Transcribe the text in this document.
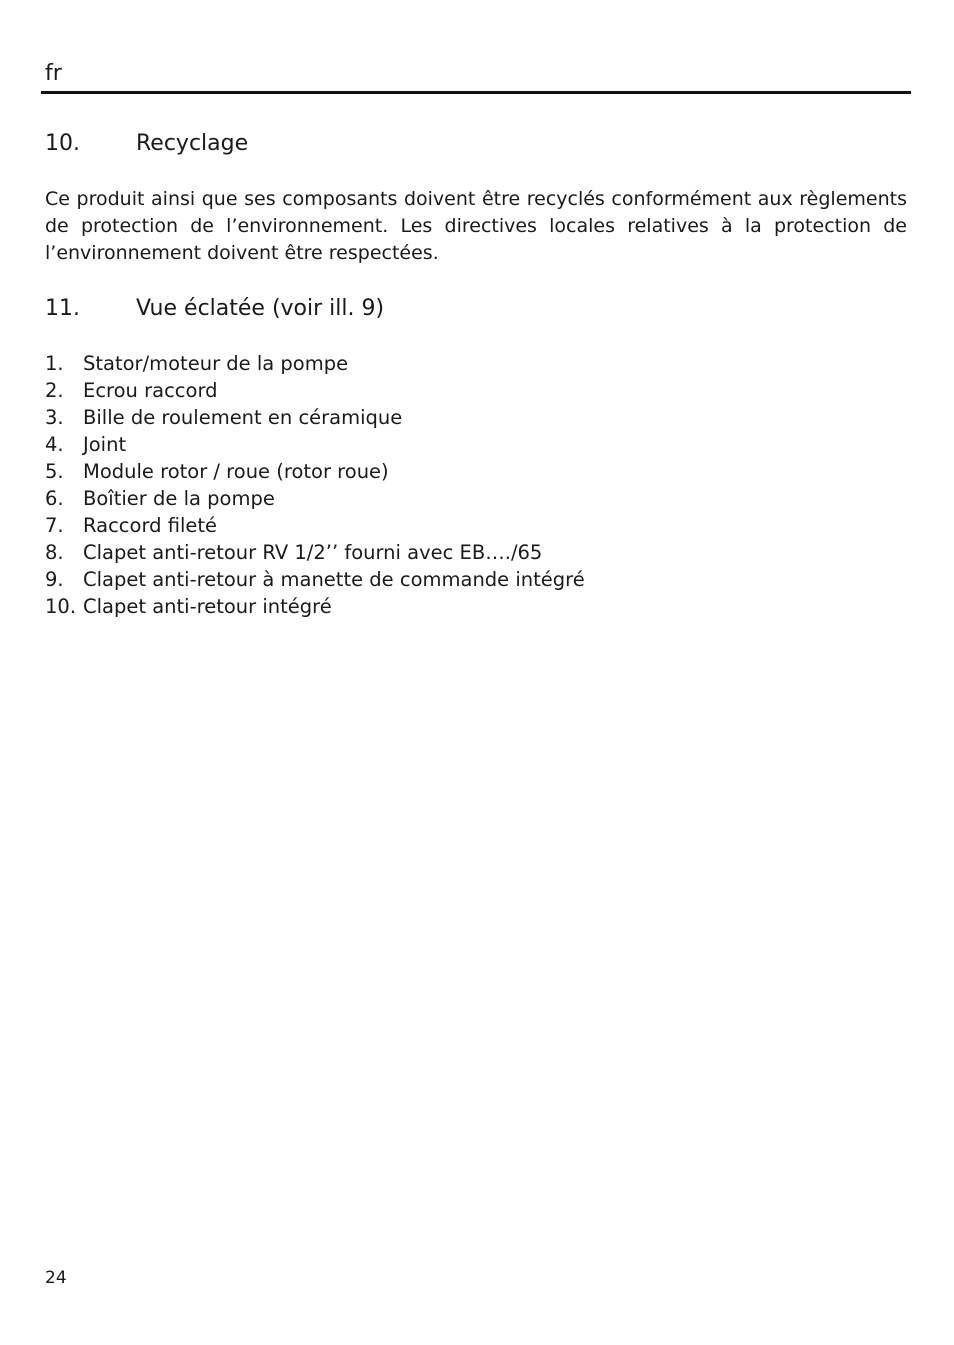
fr
10.	Recyclage

Ce produit ainsi que ses composants doivent être recyclés conformément aux règlements de protection de l’environnement. Les directives locales relatives à la protection de l’environnement doivent être respectées.

11.	Vue éclatée (voir ill. 9)
1. Stator/moteur de la pompe
2. Ecrou raccord
3. Bille de roulement en céramique
4. Joint
5. Module rotor / roue (rotor roue)
6. Boîtier de la pompe
7. Raccord fileté
8. Clapet anti-retour RV 1/2’’ fourni avec EB…./65
9. Clapet anti-retour à manette de commande intégré
10. Clapet anti-retour intégré
24
